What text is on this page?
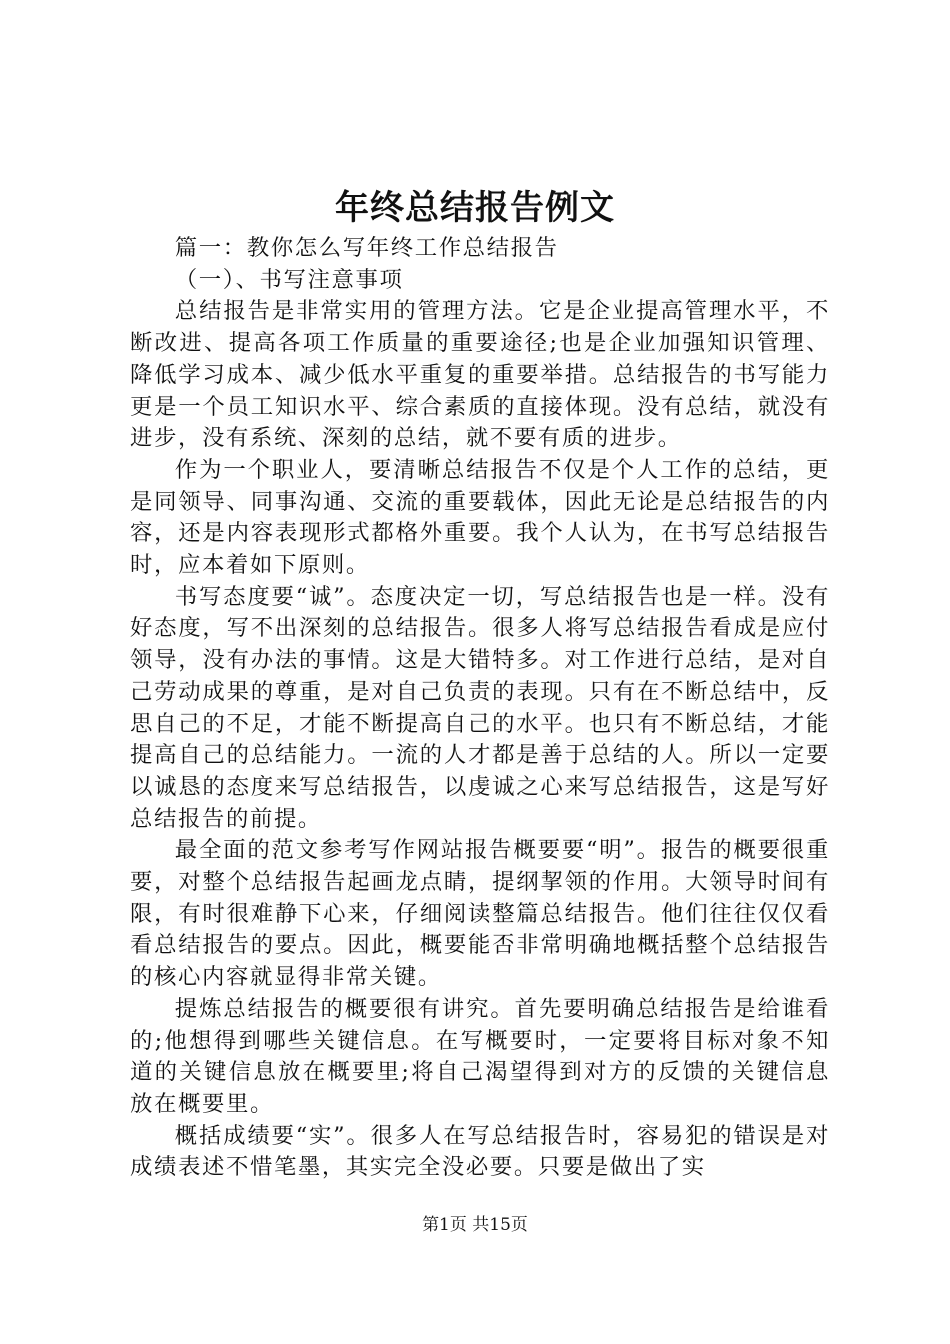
年终总结报告例文

篇一：教你怎么写年终工作总结报告

（一）、书写注意事项

总结报告是非常实用的管理方法。它是企业提高管理水平，不断改进、提高各项工作质量的重要途径;也是企业加强知识管理、降低学习成本、减少低水平重复的重要举措。总结报告的书写能力更是一个员工知识水平、综合素质的直接体现。没有总结，就没有进步，没有系统、深刻的总结，就不要有质的进步。

作为一个职业人，要清晰总结报告不仅是个人工作的总结，更是同领导、同事沟通、交流的重要载体，因此无论是总结报告的内容，还是内容表现形式都格外重要。我个人认为，在书写总结报告时，应本着如下原则。

书写态度要“诚”。态度决定一切，写总结报告也是一样。没有好态度，写不出深刻的总结报告。很多人将写总结报告看成是应付领导，没有办法的事情。这是大错特多。对工作进行总结，是对自己劳动成果的尊重，是对自己负责的表现。只有在不断总结中，反思自己的不足，才能不断提高自己的水平。也只有不断总结，才能提高自己的总结能力。一流的人才都是善于总结的人。所以一定要以诚恳的态度来写总结报告，以虔诚之心来写总结报告，这是写好总结报告的前提。

最全面的范文参考写作网站报告概要要“明”。报告的概要很重要，对整个总结报告起画龙点睛，提纲挈领的作用。大领导时间有限，有时很难静下心来，仔细阅读整篇总结报告。他们往往仅仅看看总结报告的要点。因此，概要能否非常明确地概括整个总结报告的核心内容就显得非常关键。

提炼总结报告的概要很有讲究。首先要明确总结报告是给谁看的;他想得到哪些关键信息。在写概要时，一定要将目标对象不知道的关键信息放在概要里;将自己渴望得到对方的反馈的关键信息放在概要里。

概括成绩要“实”。很多人在写总结报告时，容易犯的错误是对成绩表述不惜笔墨，其实完全没必要。只要是做出了实

第1页 共15页
